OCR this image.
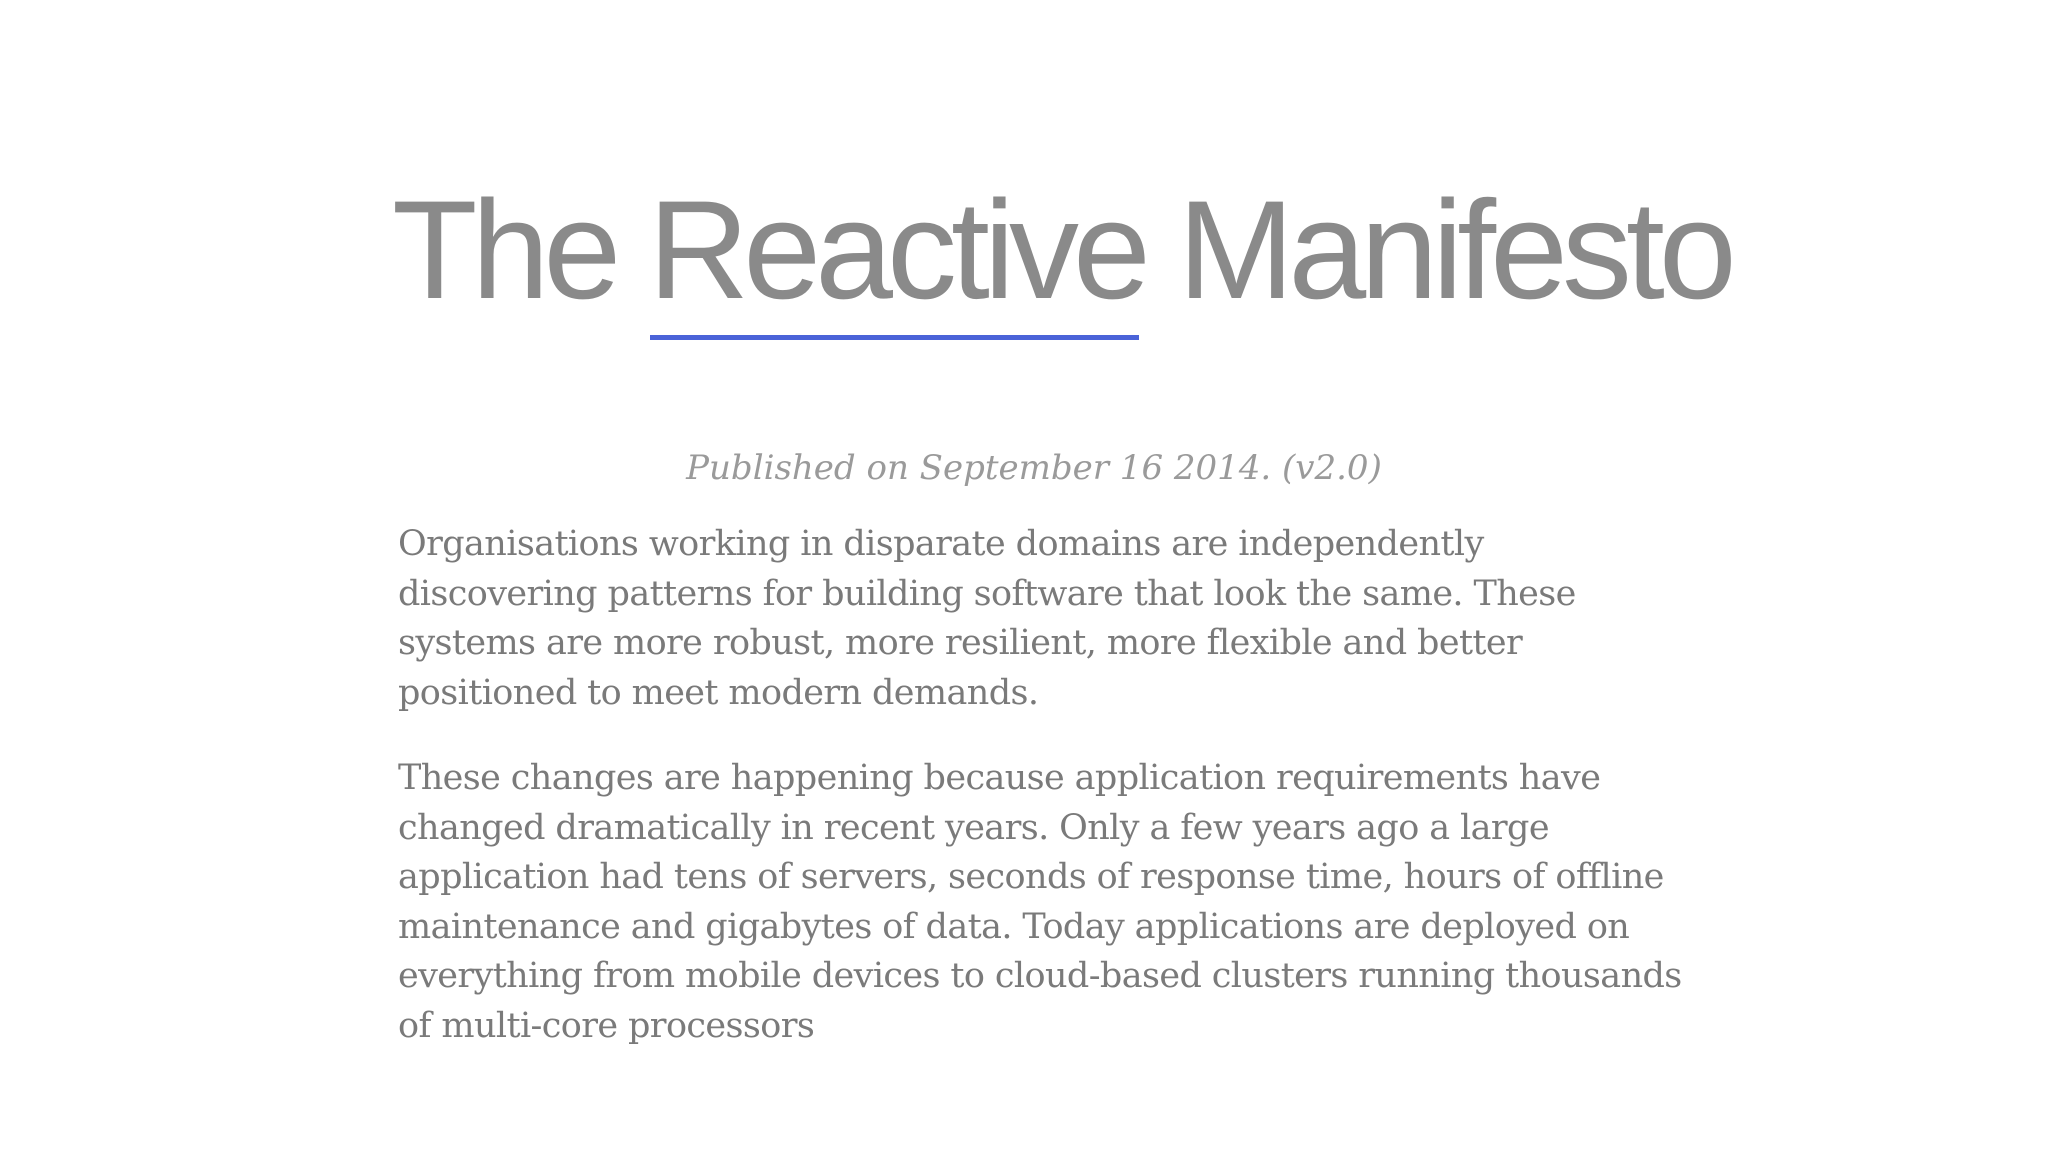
The Reactive Manifesto

Published on September 16 2014. (v2.0)

Organisations working in disparate domains are independently discovering patterns for building software that look the same. These systems are more robust, more resilient, more flexible and better positioned to meet modern demands.

These changes are happening because application requirements have changed dramatically in recent years. Only a few years ago a large application had tens of servers, seconds of response time, hours of offline maintenance and gigabytes of data. Today applications are deployed on everything from mobile devices to cloud-based clusters running thousands of multi-core processors
